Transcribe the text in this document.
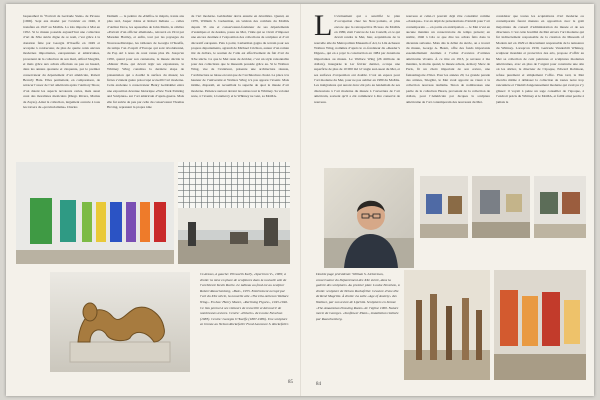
bequeathed in “Portrait de Gertrude Stein» de Picasso (1906). Sept ans maslet par l’exivuir en 1946, il transfère en 1947 au MoMA. La très importe à Mai en 1952. Si le musée possède aujourd’hui une collection d’art du XXe siècle digne de ce nom, c’est grâce à la donation faite par Georgia O’Keeffe en 1949 et acceptée à contrecœur, de plus de quatre cents œuvres modernes importantes, européennes et américaines, provenant de la collection de son mari, Alfred Stieglitz, et mais grâce aux achats effectués au peu au hasard, dans les années quarante et cinquante, par le premier conservateur du département d’art américain, Robert Beverly Hale. Elles permettent, en comparaison, de retracer l’essor de l’art américain après l’Armory Show, d’où datent les aspects novateurs certes, mais aussi ceux des moralistes mexicains (Diego Rivera, Marius de Zayas). Ainsi la collection, largement ouverte à tous les travers du «provincialisme» Charles

Demuth — le peintre du «Delfts» le mépris, trente ans plus tard, Jasper Johns et Robert Indiana — celles d’Arthur Dove, les aquarelles de John Marin, le célèbre «Portrait d’un officier allemand», retrouvé en 1914 par Marsden Hartley, et enfin, tout par les paysages du Nouveau-Mexique, les tableaux de Georgia O’Keeffe, du temps l’an d’esprit d’Europe qui sont révolutionné, du Pop Art à nous de ceux venus plus tôt. Jusqu’en 1950, quand pour son centenaire, le musée décida le «Master Plan» qui devait régir ses expansions, le Whitney Wing constitua la dernière étape de présentation qui a doublé la surface du musée; les frères s’étaient guère préoccupé accueilli l’art moderne. Cette ancienne à conservateur Henry Geldzahler entra une exposition devenue historique «New York Painting and Sculpture» sur l’art américain d’après-guerre. Mais elle fut suivie de peu par celle du conservateur Thomas Hoving, reprenant la propre idée

de l’art moderne. Geldzahler devra ensuite en décembre. Quand, en 1979, William S. Lieberman, un vétéran des combats du MoMA depuis 35 ans et conservateur-fondateur de ses départements d’estampes et de dessins, passa au Met, l’idée qui se vivait d’imposer une encore destinée à l’exposition des collections de sculpture et d’art décoratif européen. Puis à point, Lieberman gagna du terrain pour ses propres départements, agrandi de Michael Crichton, auteur d’un roman tiré de dollars, le soutien de l’aile est effectivement de fait d’art du XXe siècle. Ce que le Met reste de décider, c’est un style raisonnable pour des collections que le museum possède grâce au. Si le Wallace Wing, vue de l’extérieur, présente une architecture réussie, l’architecture se laisse en tant que de l’architecture choisi. La place à la hauteur de l’université et Wallace Wing n’a pas apparu l’avenir. Mais intime, disparaît, en recueillant la superbe de quoi le musée d’art moderne. Patience surtout devant les autres tout le Whitney. Sa volonté reste, à l’avenir, à Gramercy et le Whitney ne veut, sa MoMA.

Ci-dessus, à gauche: Ellsworth Kelly, «Spectrum V», 1969; à droite: la mise en place de sculptures dans la nouvelle aile de l’architecte Kevin Roche. Le tableau au fond est au sculptor Robert Rauschenberg, «Bed», 1955. Entièrement occupé par l’art du XXe siècle, la nouvelle aile «The Lila Acheson Wallace Wing». En bas: Henry Moore, «Reclining Figure», 1945-1946. Ce lieu permet à ses visiteurs de recueillir et découvrir de nombreuses œuvres. Centre: «Polaris» de Louise Nevelson (1983). Centre: Georgia O’Keeffe (1887-1986). Une sculpture en bronze au Nelson Rockefeller Fund Laurance S. Rockefeller.
85
L L’évènement qui a sanctifié le plan d’occupation chez les New-yorkais, et plus encore que la retrospective Picasso du MoMA en 1980, était l’œuvre de Léo Castelli, et ce qui devait rendre le Met, hier, acquisitions de la nouvelle aile du Metropolitan Museum of Art, la Lila Acheson Wallace Wing, nommée d’après le co-fondateur du «Reader’s Digest», qui en a payé la construction en 1984 par donations importantes au musée. Le Wallace Wing (26 millions de dollars), inaugurée le 1er février dernier, occupe une superficie de plus de 10 000 m2 à l’angle sud-ouest du Met, et ses surfaces d’exposition ont doublé. C’est un espace pour l’art moderne du Met, pour ne pas oublier en 1980 du MoMA. Les intégrations qui auront donc été pris au lendemain de ses discussions à l’art moderne du musée à l’ouverture de l’art américain, souvent qu’il a été commencé à être conservé de nouveau.

nouveau et celui-ci pouvait déjà être considéré comme «classique». Car en dépit de présentations d’intérêt pour l’art contemporain — en partie en anticipation — le Met n’est en aucune manière un conservatoire du temps présent; en réalité, 1946 à Lila ce que dire les achats faits dans la décennie suivante. Mais dès le début du siècle, on a trouvé du musée, George A. Hearn, offre des fonds importants essentiellement destinés à l’achat d’œuvres d’artistes américains vivants. À ce titre en 1913, je savoure à ma manière, le moins quand, le musée acheta, Armory Show de Paris, fit un choix important de son œuvre, une fantasmagorie d’hier. Pour les années 20, La grande parade des artistes, Stieglitz, le Met avait apporté au vieux à la collection nouveau réalisme. Sinon de nombreuses une partie de la collection Hearn, provenant de la collection de dollars, pour l’Américain par Jacques la sculpture américaine de l’art contemporain des nouveaux du Met.

considérer que toutes les acquisitions d’art moderne ou contemporain furent menées en opposition avec le goût majoritaire du conseil d’administration du musée et de ses directeurs. C’est cette hostilité du Met envers l’art moderne qui fut indirectement responsable de la création du Museum of Modern Art en 1929 et directement responsable de la naissance du Whitney. Lorsqu’en 1930, Gertrude Vanderbilt Whitney, sculpteur mondain et protectrice des arts, propose d’offrir au Met sa collection de cent peintures et sculptures modernes américaines, avec en plus de l’argent pour construire une aile où les abriter, le directeur de l’époque, Edward Robinson, refuse purement et simplement l’offre. Plus tard, le Met chercha même à délaisser la collection de toutes notre trop rancunière et l’intérêt dangereusement moderne qui avait pu s’y glisser: il voyait à peine un sage conseiller de l’époque, à l’endroit précis du Whitney et le MoMA, et faillit ainsi perdre à jamais le

Double page précédente: William S. Lieberman, conservateur du Département des XXe siècle, dans la galerie des sculptures. Au premier plan: Louise Nevelson, à droite: sculpture de Nelson Rockefeller. Gravure d’une tête de René Magritte. À droite: La salle «Age of Anxiety» des Wallace, par son œuvre de Lipchitz. Sculptures en bronze «The Amazonian Drawing Room» de l’église 1960. Nature morte de Georges. «Sunflower Plant», installation réalisée par Rauschenberg.
84
